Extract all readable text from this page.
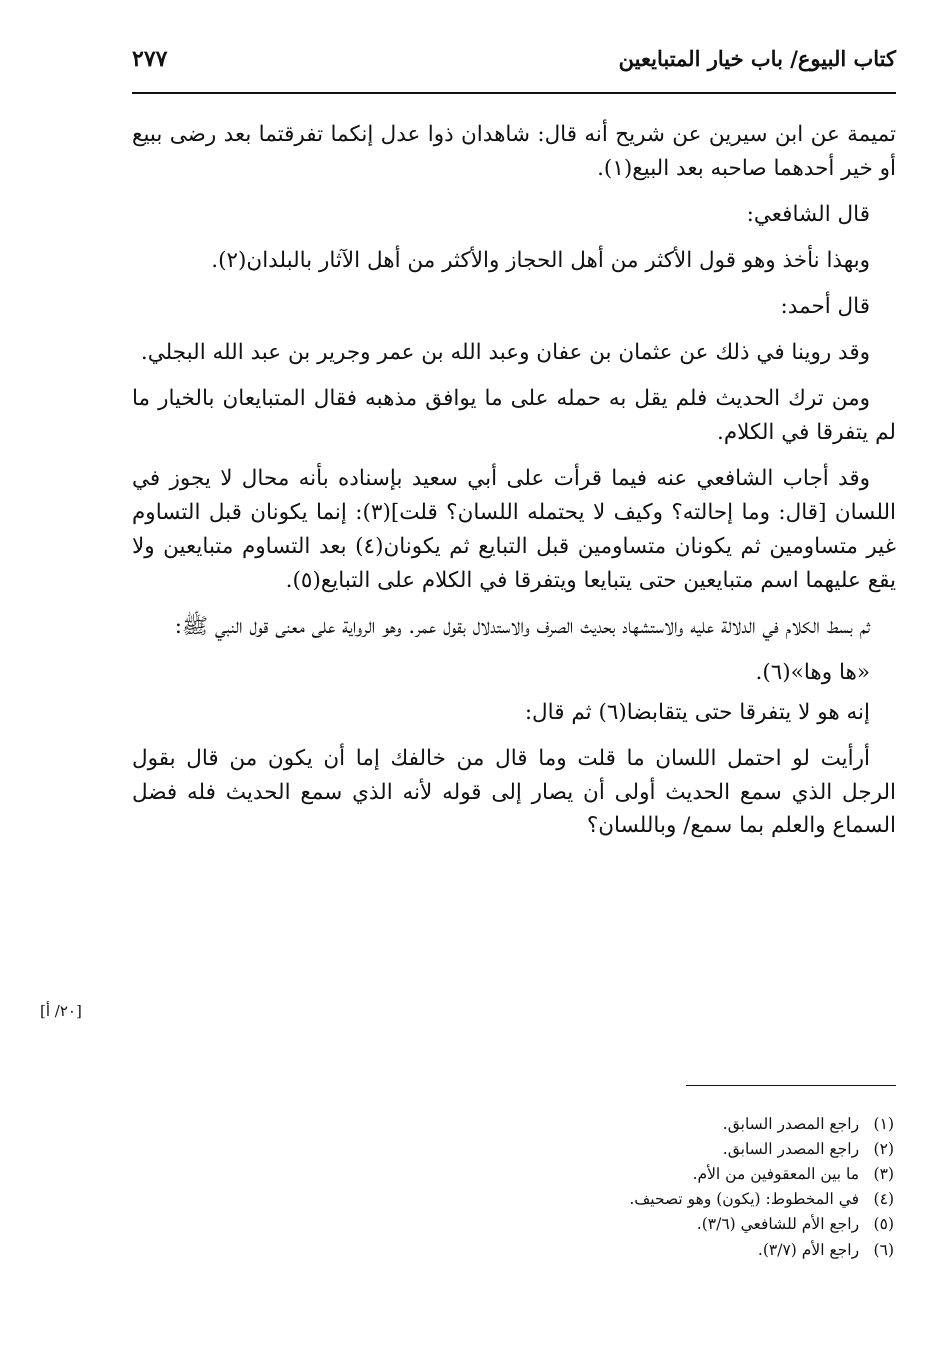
كتاب البيوع/ باب خيار المتبايعين
٢٧٧

تميمة عن ابن سيرين عن شريح أنه قال: شاهدان ذوا عدل إنكما تفرقتما بعد رضى ببيع أو خير أحدهما صاحبه بعد البيع(١).

قال الشافعي:

وبهذا نأخذ وهو قول الأكثر من أهل الحجاز والأكثر من أهل الآثار بالبلدان(٢).

قال أحمد:

وقد روينا في ذلك عن عثمان بن عفان وعبد الله بن عمر وجرير بن عبد الله البجلي.

ومن ترك الحديث فلم يقل به حمله على ما يوافق مذهبه فقال المتبايعان بالخيار ما لم يتفرقا في الكلام.

وقد أجاب الشافعي عنه فيما قرأت على أبي سعيد بإسناده بأنه محال لا يجوز في اللسان [قال: وما إحالته؟ وكيف لا يحتمله اللسان؟ قلت](٣): إنما يكونان قبل التساوم غير متساومين ثم يكونان متساومين قبل التبايع ثم يكونان(٤) بعد التساوم متبايعين ولا يقع عليهما اسم متبايعين حتى يتبايعا ويتفرقا في الكلام على التبايع(٥).

ثم بسط الكلام في الدلالة عليه والاستشهاد بحديث الصرف والاستدلال بقول عمر. وهو الرواية على معنى قول النبي ﷺ:

«ها وها»(٦).

إنه هو لا يتفرقا حتى يتقابضا(٦) ثم قال:

أرأيت لو احتمل اللسان ما قلت وما قال من خالفك إما أن يكون من قال بقول الرجل الذي سمع الحديث أولى أن يصار إلى قوله لأنه الذي سمع الحديث فله فضل السماع والعلم بما سمع/ وباللسان؟

[٢٠/ أ]
(١) راجع المصدر السابق.
(٢) راجع المصدر السابق.
(٣) ما بين المعقوفين من الأم.
(٤) في المخطوط: (يكون) وهو تصحيف.
(٥) راجع الأم للشافعي (٣/٦).
(٦) راجع الأم (٣/٧).
